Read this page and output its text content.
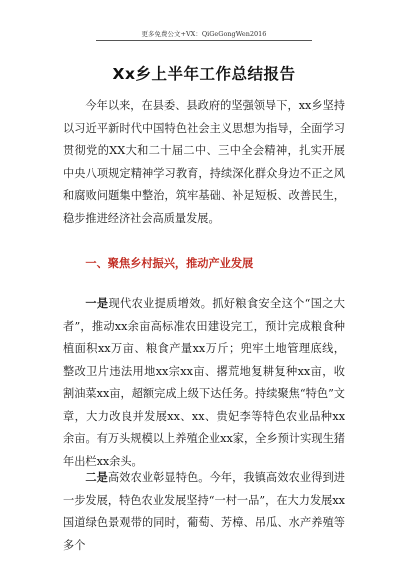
更多免费公文+VX：QiGeGongWen2016
Xx乡上半年工作总结报告

今年以来，在县委、县政府的坚强领导下，xx乡坚持以习近平新时代中国特色社会主义思想为指导，全面学习贯彻党的XX大和二十届二中、三中全会精神，扎实开展中央八项规定精神学习教育，持续深化群众身边不正之风和腐败问题集中整治，筑牢基础、补足短板、改善民生，稳步推进经济社会高质量发展。

一、聚焦乡村振兴，推动产业发展

一是现代农业提质增效。抓好粮食安全这个“国之大者”，推动xx余亩高标准农田建设完工，预计完成粮食种植面积xx万亩、粮食产量xx万斤；兜牢土地管理底线，整改卫片违法用地xx宗xx亩、撂荒地复耕复种xx亩，收割油菜xx亩，超额完成上级下达任务。持续聚焦“特色”文章，大力改良并发展xx、xx、贵妃李等特色农业品种xx余亩。有万头规模以上养殖企业xx家，全乡预计实现生猪年出栏xx余头。

二是高效农业彰显特色。今年，我镇高效农业得到进一步发展，特色农业发展坚持“一村一品”，在大力发展xx国道绿色景观带的同时，葡萄、芳樟、吊瓜、水产养殖等多个
